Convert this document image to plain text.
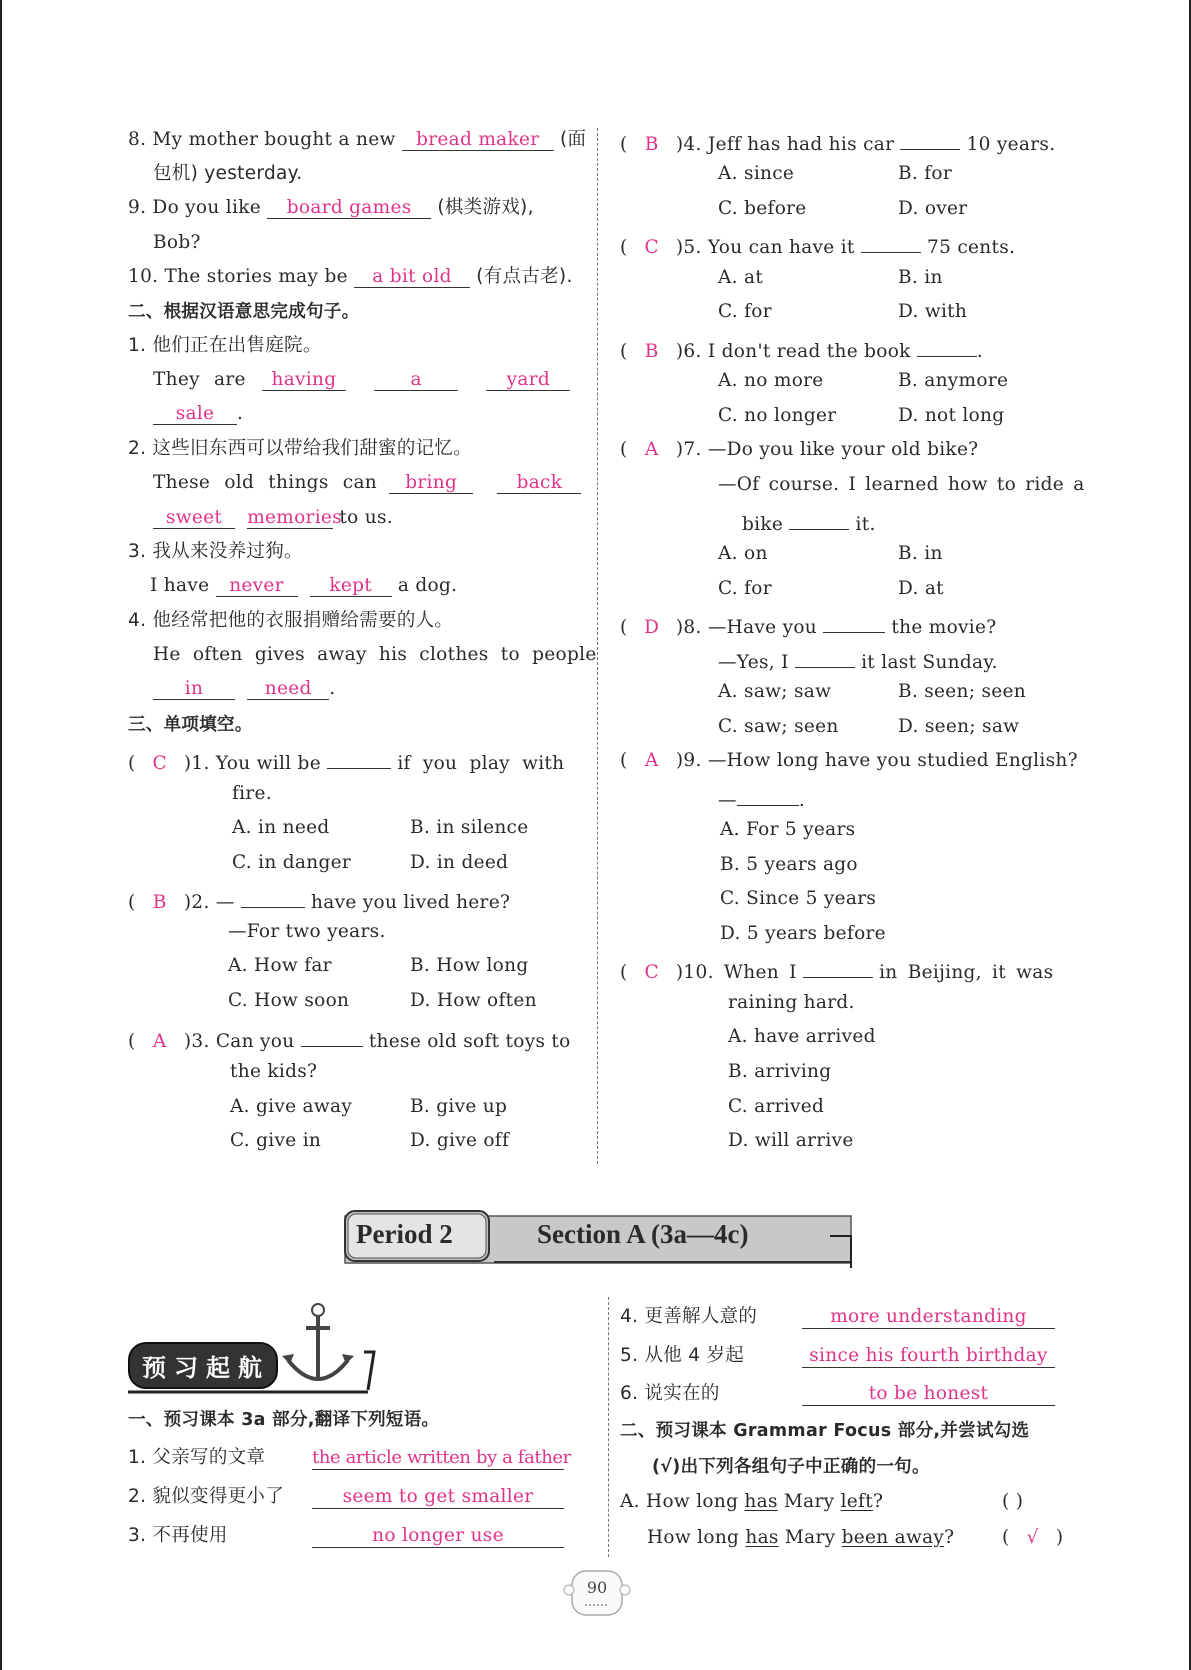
8. My mother bought a new bread maker (面
包机) yesterday.
9. Do you like board games (棋类游戏),
Bob?
10. The stories may be a bit old (有点古老).
二、根据汉语意思完成句子。
1. 他们正在出售庭院。
They are having	a	yard
sale .
2. 这些旧东西可以带给我们甜蜜的记忆。
These old things can bring	back
sweet memories to us.
3. 我从来没养过狗。
I have never kept a dog.
4. 他经常把他的衣服捐赠给需要的人。
He often gives away his clothes to people
in	need .
三、单项填空。
( C )1. You will be	if you play with
fire.
A. in need	B. in silence
C. in danger	D. in deed
( B )2. —	have you lived here?
—For two years.
A. How far	B. How long
C. How soon	D. How often
( A )3. Can you	these old soft toys to
the kids?
A. give away	B. give up
C. give in	D. give off
( B )4. Jeff has had his car	10 years.
A. since	B. for
C. before	D. over
( C )5. You can have it	75 cents.
A. at	B. in
C. for	D. with
( B )6. I don't read the book	.
A. no more	B. anymore
C. no longer	D. not long
( A )7. —Do you like your old bike?
—Of course. I learned how to ride a
bike	it.
A. on	B. in
C. for	D. at
( D )8. —Have you	the movie?
—Yes, I	it last Sunday.
A. saw; saw	B. seen; seen
C. saw; seen	D. seen; saw
( A )9. —How long have you studied English?
—	.
A. For 5 years
B. 5 years ago
C. Since 5 years
D. 5 years before
( C )10. When I	in Beijing, it was
raining hard.
A. have arrived
B. arriving
C. arrived
D. will arrive
Period 2	Section A (3a—4c)
预习起航
一、预习课本 3a 部分,翻译下列短语。
1. 父亲写的文章	the article written by a father
2. 貌似变得更小了	seem to get smaller
3. 不再使用	no longer use
4. 更善解人意的	more understanding
5. 从他 4 岁起	since his fourth birthday
6. 说实在的	to be honest
二、预习课本 Grammar Focus 部分,并尝试勾选
(√)出下列各组句子中正确的一句。
A. How long has Mary left?	( )
How long has Mary been away?	( √ )
90
